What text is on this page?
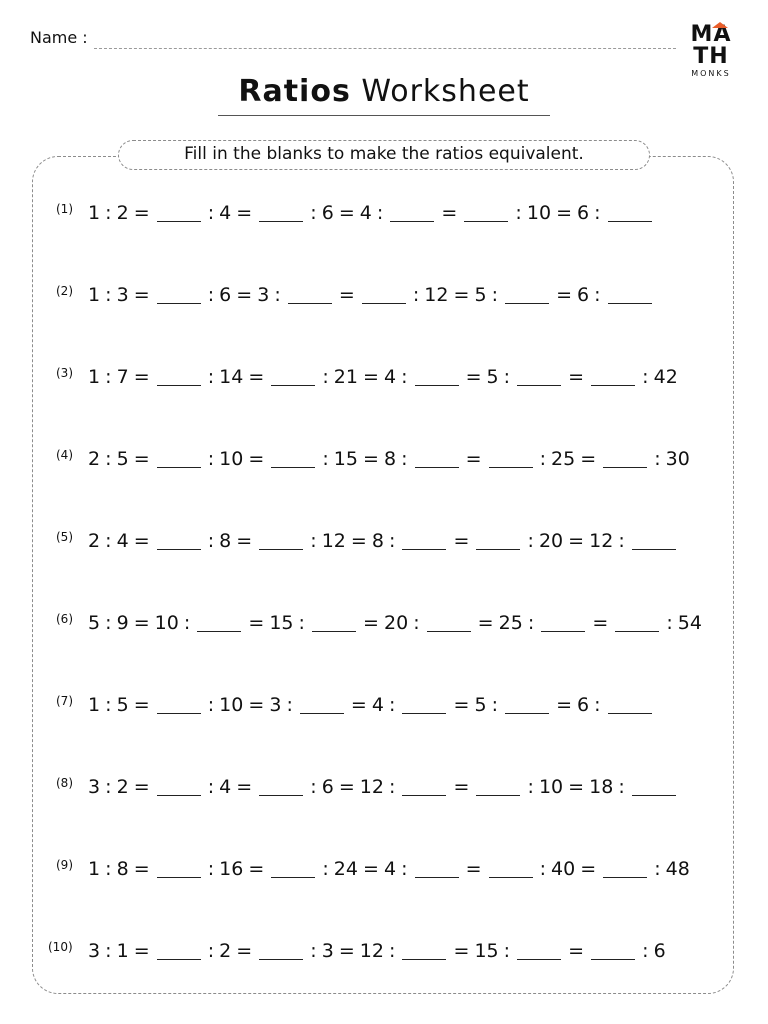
Name :	M
ATH
MONKS
Ratios Worksheet
Fill in the blanks to make the ratios equivalent.
(1) 1 : 2 =	: 4 =	: 6 = 4 :	=	: 10 = 6 :
(2) 1 : 3 =	: 6 = 3 :	=	: 12 = 5 :	= 6 :
(3) 1 : 7 =	: 14 =	: 21 = 4 :	= 5 :	=	: 42
(4) 2 : 5 =	: 10 =	: 15 = 8 :	=	: 25 =	: 30
(5) 2 : 4 =	: 8 =	: 12 = 8 :	=	: 20 = 12 :
(6) 5 : 9 = 10 :	= 15 :	= 20 :	= 25 :	=	: 54
(7) 1 : 5 =	: 10 = 3 :	= 4 :	= 5 :	= 6 :
(8) 3 : 2 =	: 4 =	: 6 = 12 :	=	: 10 = 18 :
(9) 1 : 8 =	: 16 =	: 24 = 4 :	=	: 40 =	: 48
(10) 3 : 1 =	: 2 =	: 3 = 12 :	= 15 :	=	: 6
